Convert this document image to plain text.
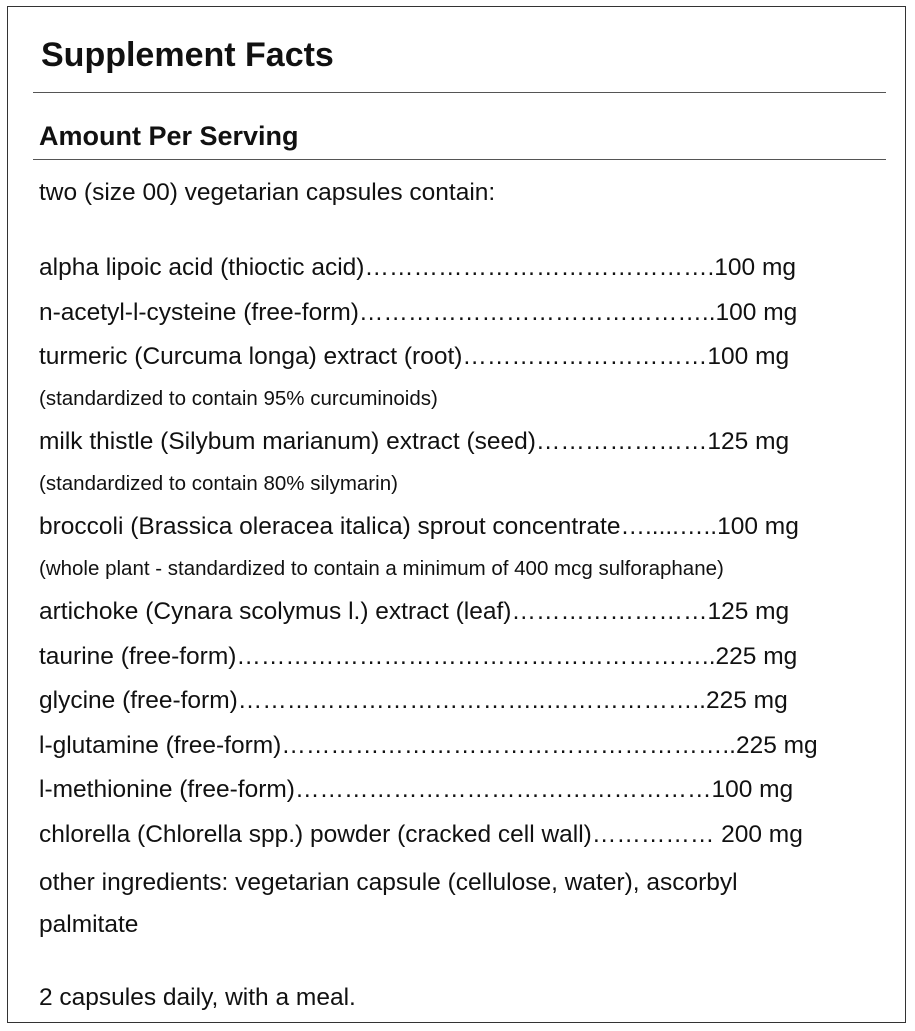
Supplement Facts
Amount Per Serving
two (size 00) vegetarian capsules contain:
alpha lipoic acid (thioctic acid)…………………………………….100 mg
n-acetyl-l-cysteine (free-form)……………………………………..100 mg
turmeric (Curcuma longa) extract (root)…………………………100 mg
(standardized to contain 95% curcuminoids)
milk thistle (Silybum marianum) extract (seed)…………………125 mg
(standardized to contain 80% silymarin)
broccoli (Brassica oleracea italica) sprout concentrate….....…..100 mg
(whole plant - standardized to contain a minimum of 400 mcg sulforaphane)
artichoke (Cynara scolymus l.) extract (leaf)……………………125 mg
taurine (free-form)…………………………………………………..225 mg
glycine (free-form)………………………………..………………..225 mg
l-glutamine (free-form)………………………………………………..225 mg
l-methionine (free-form)……………………………………………100 mg
chlorella (Chlorella spp.) powder (cracked cell wall)…………… 200 mg
other ingredients: vegetarian capsule (cellulose, water), ascorbyl palmitate
2 capsules daily, with a meal.
